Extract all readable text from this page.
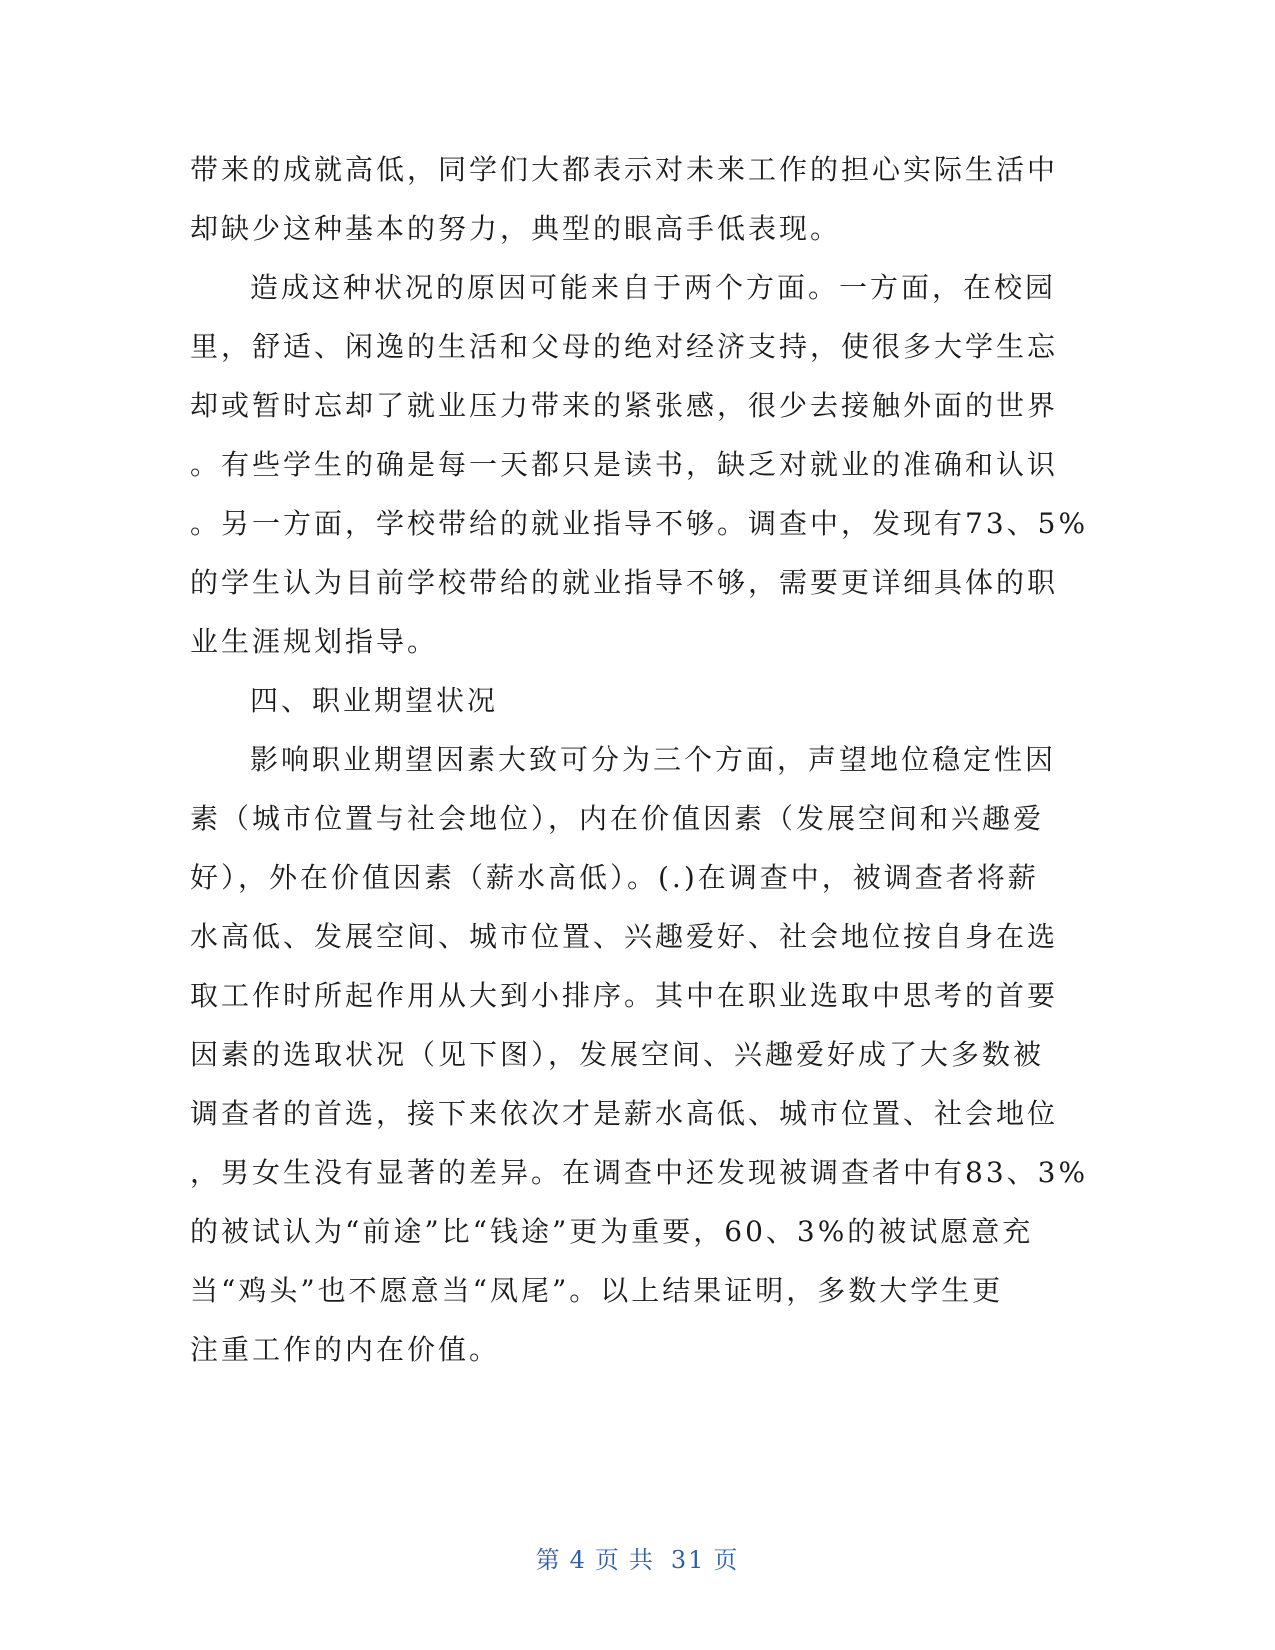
带来的成就高低，同学们大都表示对未来工作的担心实际生活中
却缺少这种基本的努力，典型的眼高手低表现。
造成这种状况的原因可能来自于两个方面。一方面，在校园
里，舒适、闲逸的生活和父母的绝对经济支持，使很多大学生忘
却或暂时忘却了就业压力带来的紧张感，很少去接触外面的世界
。有些学生的确是每一天都只是读书，缺乏对就业的准确和认识
。另一方面，学校带给的就业指导不够。调查中，发现有73、5%
的学生认为目前学校带给的就业指导不够，需要更详细具体的职
业生涯规划指导。
四、职业期望状况
影响职业期望因素大致可分为三个方面，声望地位稳定性因
素（城市位置与社会地位），内在价值因素（发展空间和兴趣爱
好），外在价值因素（薪水高低）。(.)在调查中，被调查者将薪
水高低、发展空间、城市位置、兴趣爱好、社会地位按自身在选
取工作时所起作用从大到小排序。其中在职业选取中思考的首要
因素的选取状况（见下图），发展空间、兴趣爱好成了大多数被
调查者的首选，接下来依次才是薪水高低、城市位置、社会地位
，男女生没有显著的差异。在调查中还发现被调查者中有83、3%
的被试认为“前途”比“钱途”更为重要，60、3%的被试愿意充
当“鸡头”也不愿意当“凤尾”。以上结果证明，多数大学生更
注重工作的内在价值。
第 4 页 共 31 页
